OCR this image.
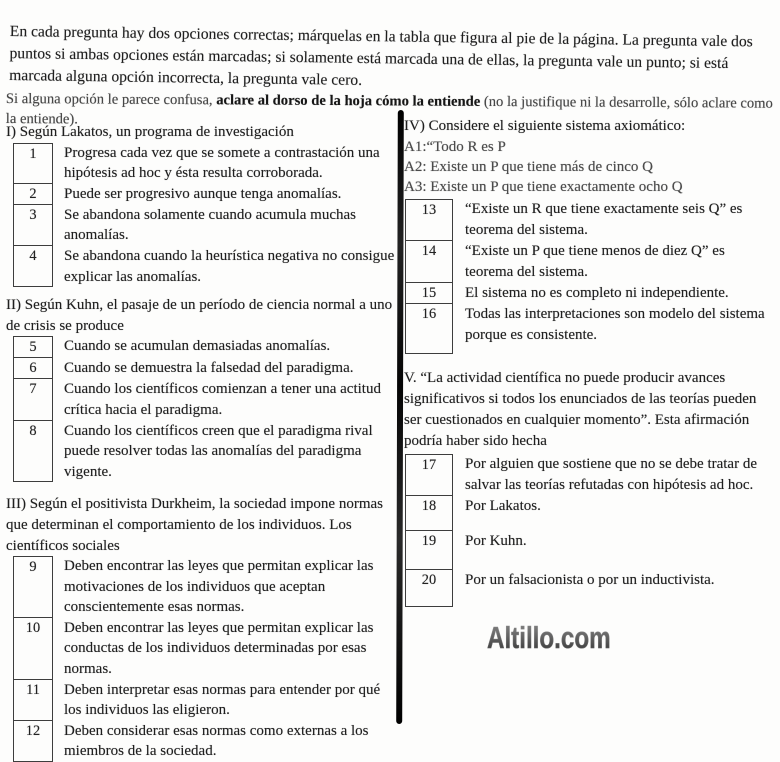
En cada pregunta hay dos opciones correctas; márquelas en la tabla que figura al pie de la página. La pregunta vale dos puntos si ambas opciones están marcadas; si solamente está marcada una de ellas, la pregunta vale un punto; si está marcada alguna opción incorrecta, la pregunta vale cero.

Si alguna opción le parece confusa, aclare al dorso de la hoja cómo la entiende (no la justifique ni la desarrolle, sólo aclare como la entiende).

I) Según Lakatos, un programa de investigación

1	Progresa cada vez que se somete a contrastación una hipótesis ad hoc y ésta resulta corroborada.
2	Puede ser progresivo aunque tenga anomalías.
3	Se abandona solamente cuando acumula muchas anomalías.
4	Se abandona cuando la heurística negativa no consigue explicar las anomalías.

II) Según Kuhn, el pasaje de un período de ciencia normal a uno de crisis se produce

5	Cuando se acumulan demasiadas anomalías.
6	Cuando se demuestra la falsedad del paradigma.
7	Cuando los científicos comienzan a tener una actitud crítica hacia el paradigma.
8	Cuando los científicos creen que el paradigma rival puede resolver todas las anomalías del paradigma vigente.

III) Según el positivista Durkheim, la sociedad impone normas que determinan el comportamiento de los individuos. Los científicos sociales

9	Deben encontrar las leyes que permitan explicar las motivaciones de los individuos que aceptan conscientemente esas normas.
10	Deben encontrar las leyes que permitan explicar las conductas de los individuos determinadas por esas normas.
11	Deben interpretar esas normas para entender por qué los individuos las eligieron.
12	Deben considerar esas normas como externas a los miembros de la sociedad.

IV) Considere el siguiente sistema axiomático:

A1:“Todo R es P
A2: Existe un P que tiene más de cinco Q
A3: Existe un P que tiene exactamente ocho Q
13	“Existe un R que tiene exactamente seis Q” es teorema del sistema.
14	“Existe un P que tiene menos de diez Q” es teorema del sistema.
15	El sistema no es completo ni independiente.
16	Todas las interpretaciones son modelo del sistema porque es consistente.

V. “La actividad científica no puede producir avances significativos si todos los enunciados de las teorías pueden ser cuestionados en cualquier momento”. Esta afirmación podría haber sido hecha

17	Por alguien que sostiene que no se debe tratar de salvar las teorías refutadas con hipótesis ad hoc.
18	Por Lakatos.
19	Por Kuhn.
20	Por un falsacionista o por un inductivista.
Altillo.com
